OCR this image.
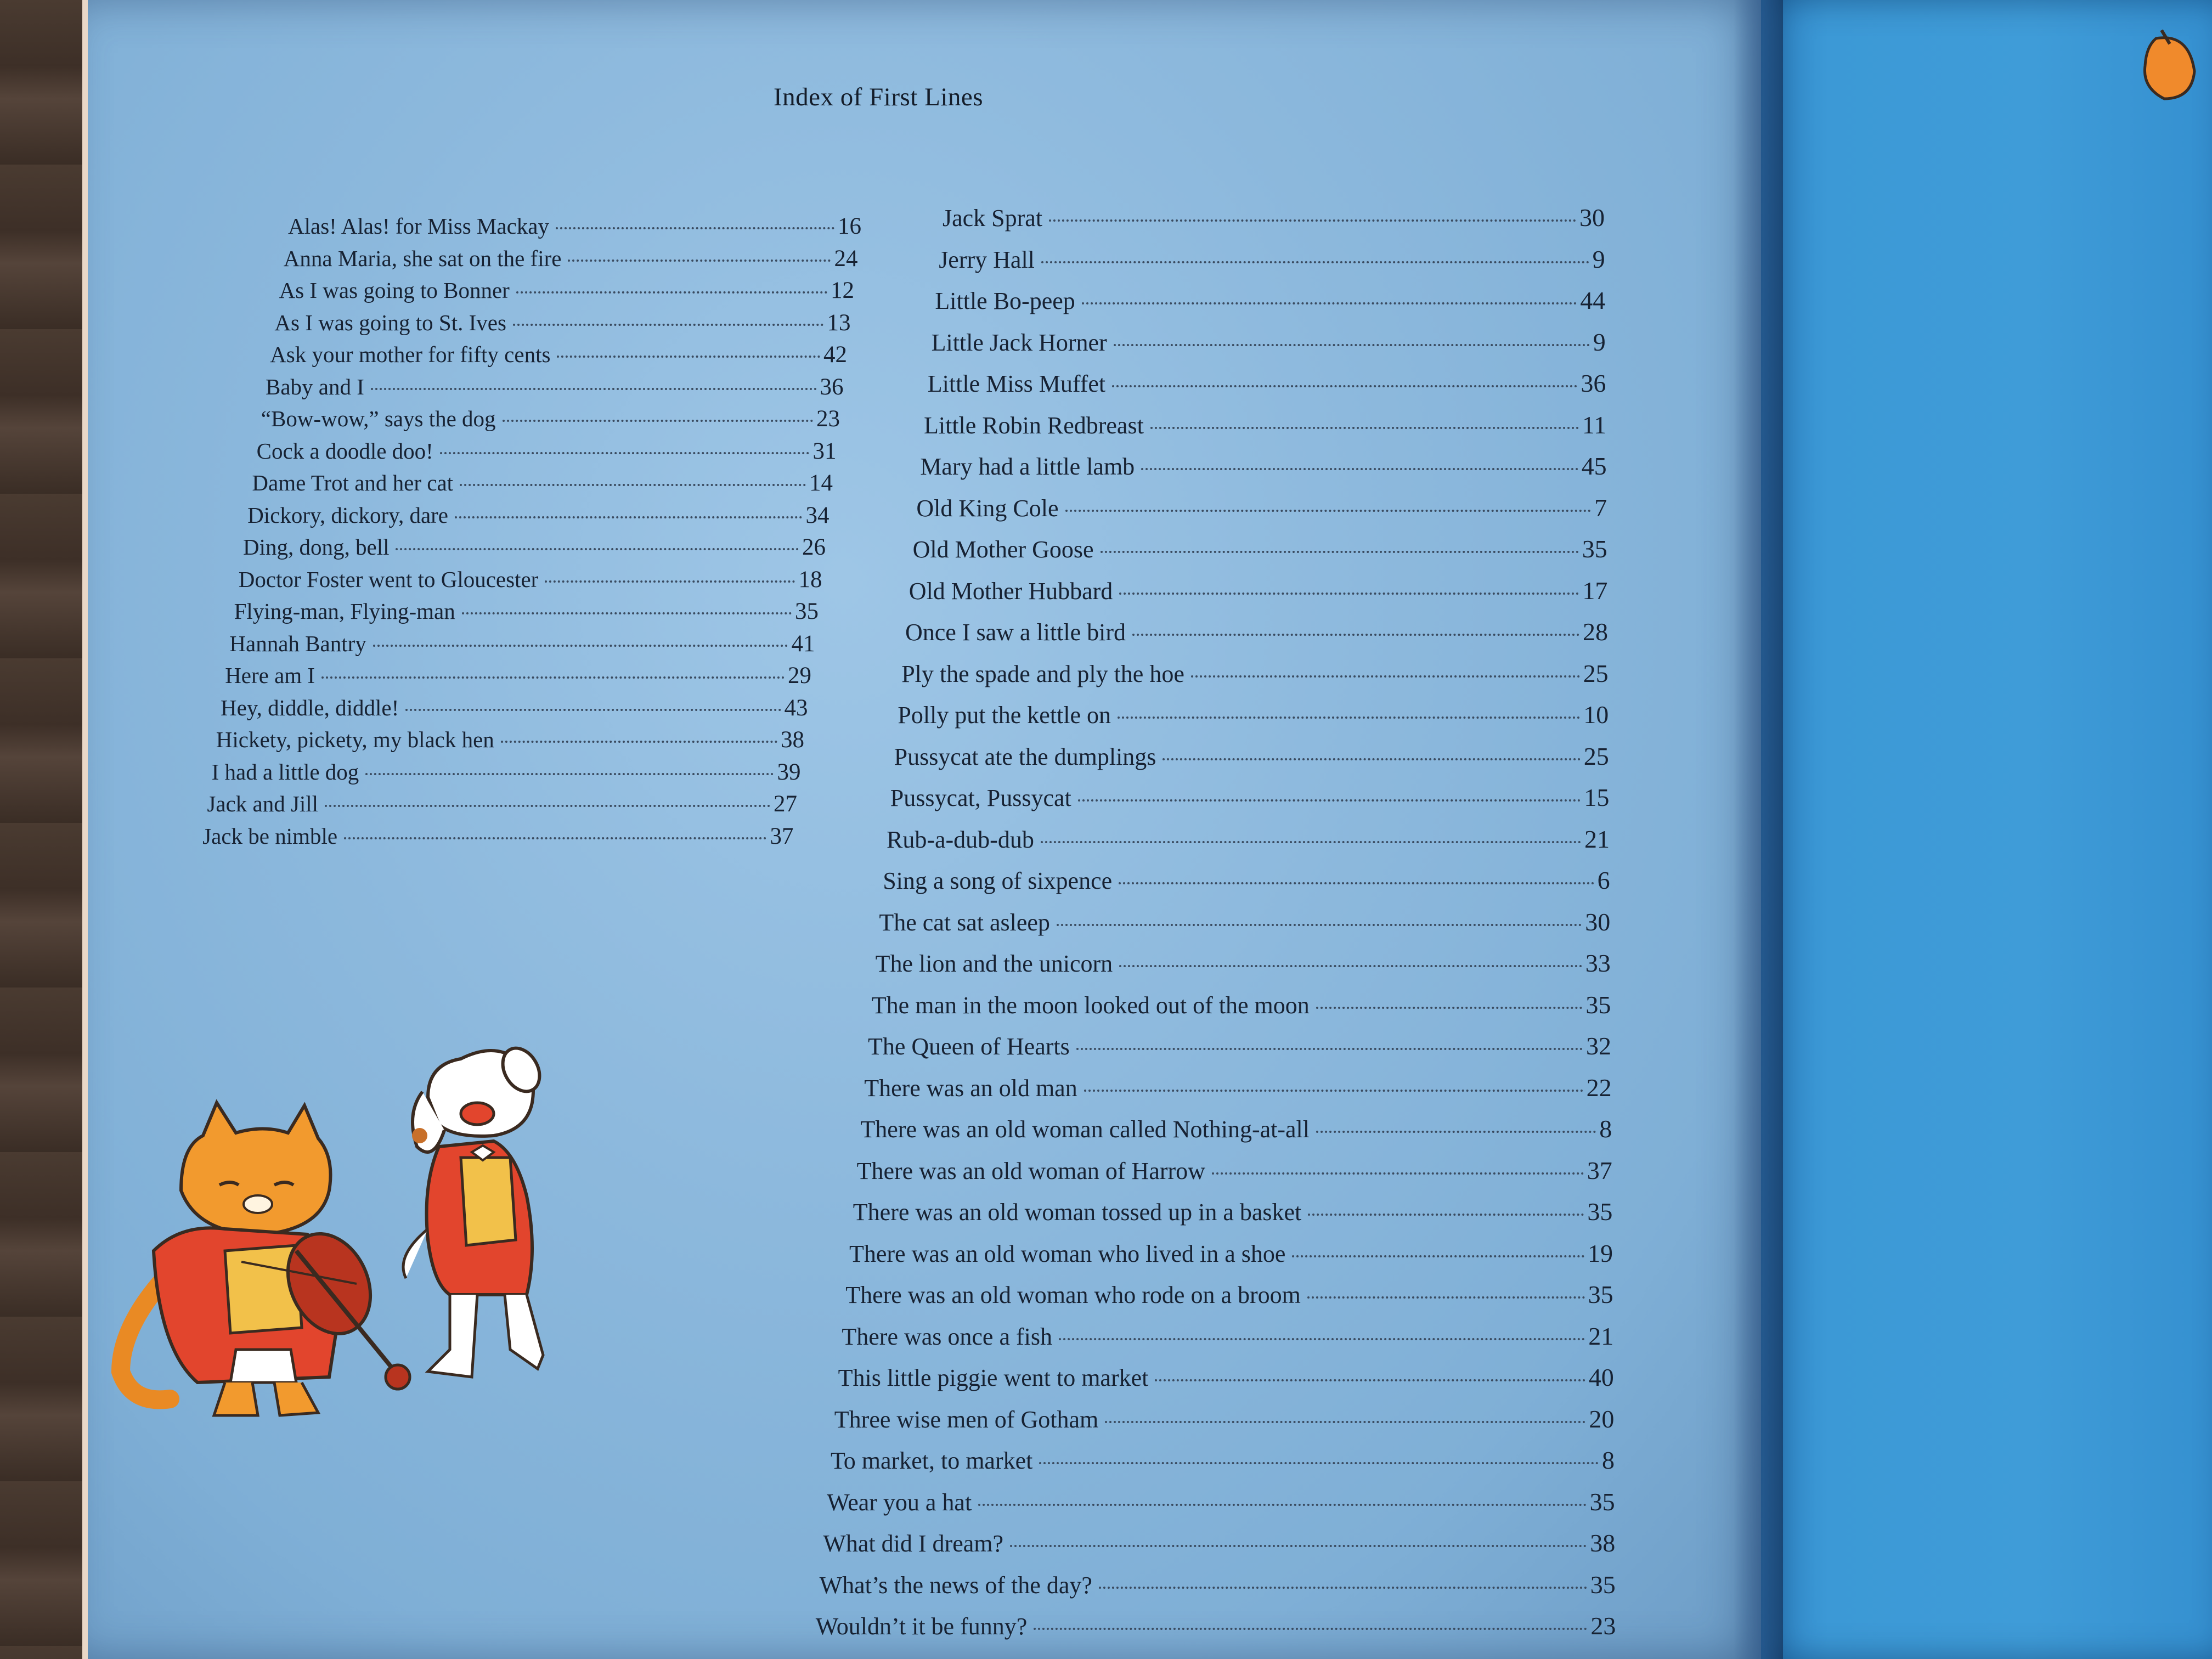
Index of First Lines
Alas! Alas! for Miss Mackay	16
Anna Maria, she sat on the fire	24
As I was going to Bonner	12
As I was going to St. Ives	13
Ask your mother for fifty cents	42
Baby and I	36
“Bow-wow,” says the dog	23
Cock a doodle doo!	31
Dame Trot and her cat	14
Dickory, dickory, dare	34
Ding, dong, bell	26
Doctor Foster went to Gloucester	18
Flying-man, Flying-man	35
Hannah Bantry	41
Here am I	29
Hey, diddle, diddle!	43
Hickety, pickety, my black hen	38
I had a little dog	39
Jack and Jill	27
Jack be nimble	37
Jack Sprat	30
Jerry Hall	9
Little Bo-peep	44
Little Jack Horner	9
Little Miss Muffet	36
Little Robin Redbreast	11
Mary had a little lamb	45
Old King Cole	7
Old Mother Goose	35
Old Mother Hubbard	17
Once I saw a little bird	28
Ply the spade and ply the hoe	25
Polly put the kettle on	10
Pussycat ate the dumplings	25
Pussycat, Pussycat	15
Rub-a-dub-dub	21
Sing a song of sixpence	6
The cat sat asleep	30
The lion and the unicorn	33
The man in the moon looked out of the moon	35
The Queen of Hearts	32
There was an old man	22
There was an old woman called Nothing-at-all	8
There was an old woman of Harrow	37
There was an old woman tossed up in a basket	35
There was an old woman who lived in a shoe	19
There was an old woman who rode on a broom	35
There was once a fish	21
This little piggie went to market	40
Three wise men of Gotham	20
To market, to market	8
Wear you a hat	35
What did I dream?	38
What’s the news of the day?	35
Wouldn’t it be funny?	23
